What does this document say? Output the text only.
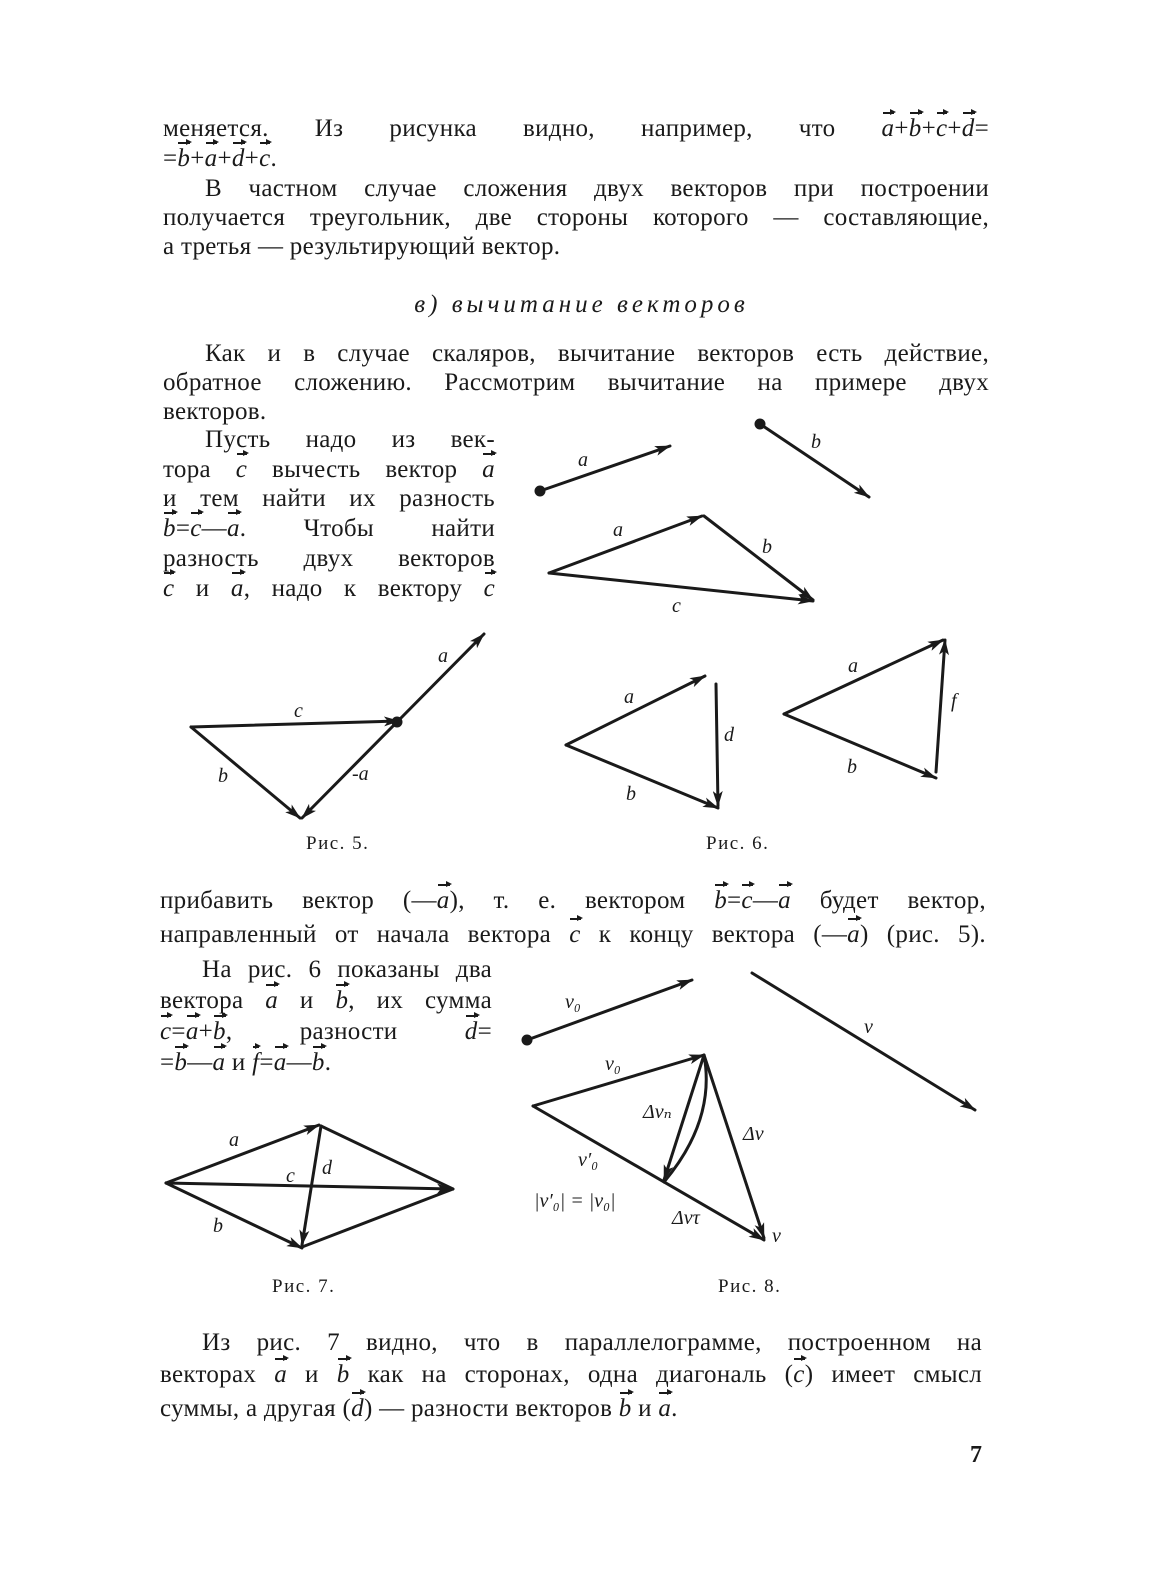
меняется. Из рисунка видно, например, что a+b+c+d=
=b+a+d+c.
В частном случае сложения двух векторов при построении
получается треугольник, две стороны которого — составляющие,
а третья — результирующий вектор.
в) вычитание векторов
Как и в случае скаляров, вычитание векторов есть действие,
обратное сложению. Рассмотрим вычитание на примере двух
векторов.
Пусть надо из век-
тора c вычесть вектор a
и тем найти их разность
b=c—a. Чтобы найти
разность двух векторов
c и a, надо к вектору c
прибавить вектор (—a), т. е. вектором b=c—a будет вектор,
направленный от начала вектора c к концу вектора (—a) (рис. 5).
На рис. 6 показаны два
вектора a и b, их сумма
c=a+b, разности d=
=b—a и f=a—b.
Из рис. 7 видно, что в параллелограмме, построенном на
векторах a и b как на сторонах, одна диагональ (c) имеет смысл
суммы, а другая (d) — разности векторов b и a.
Рис. 5.	Рис. 6.
Рис. 7.	Рис. 8.
7
a
b
a
b
c
a
c
b	-a
a
d
b
a
f
b
a
c d
b
v₀
v
v₀
Δvₙ
Δv
v′₀
|v′₀| = |v₀|
Δvτ
v
